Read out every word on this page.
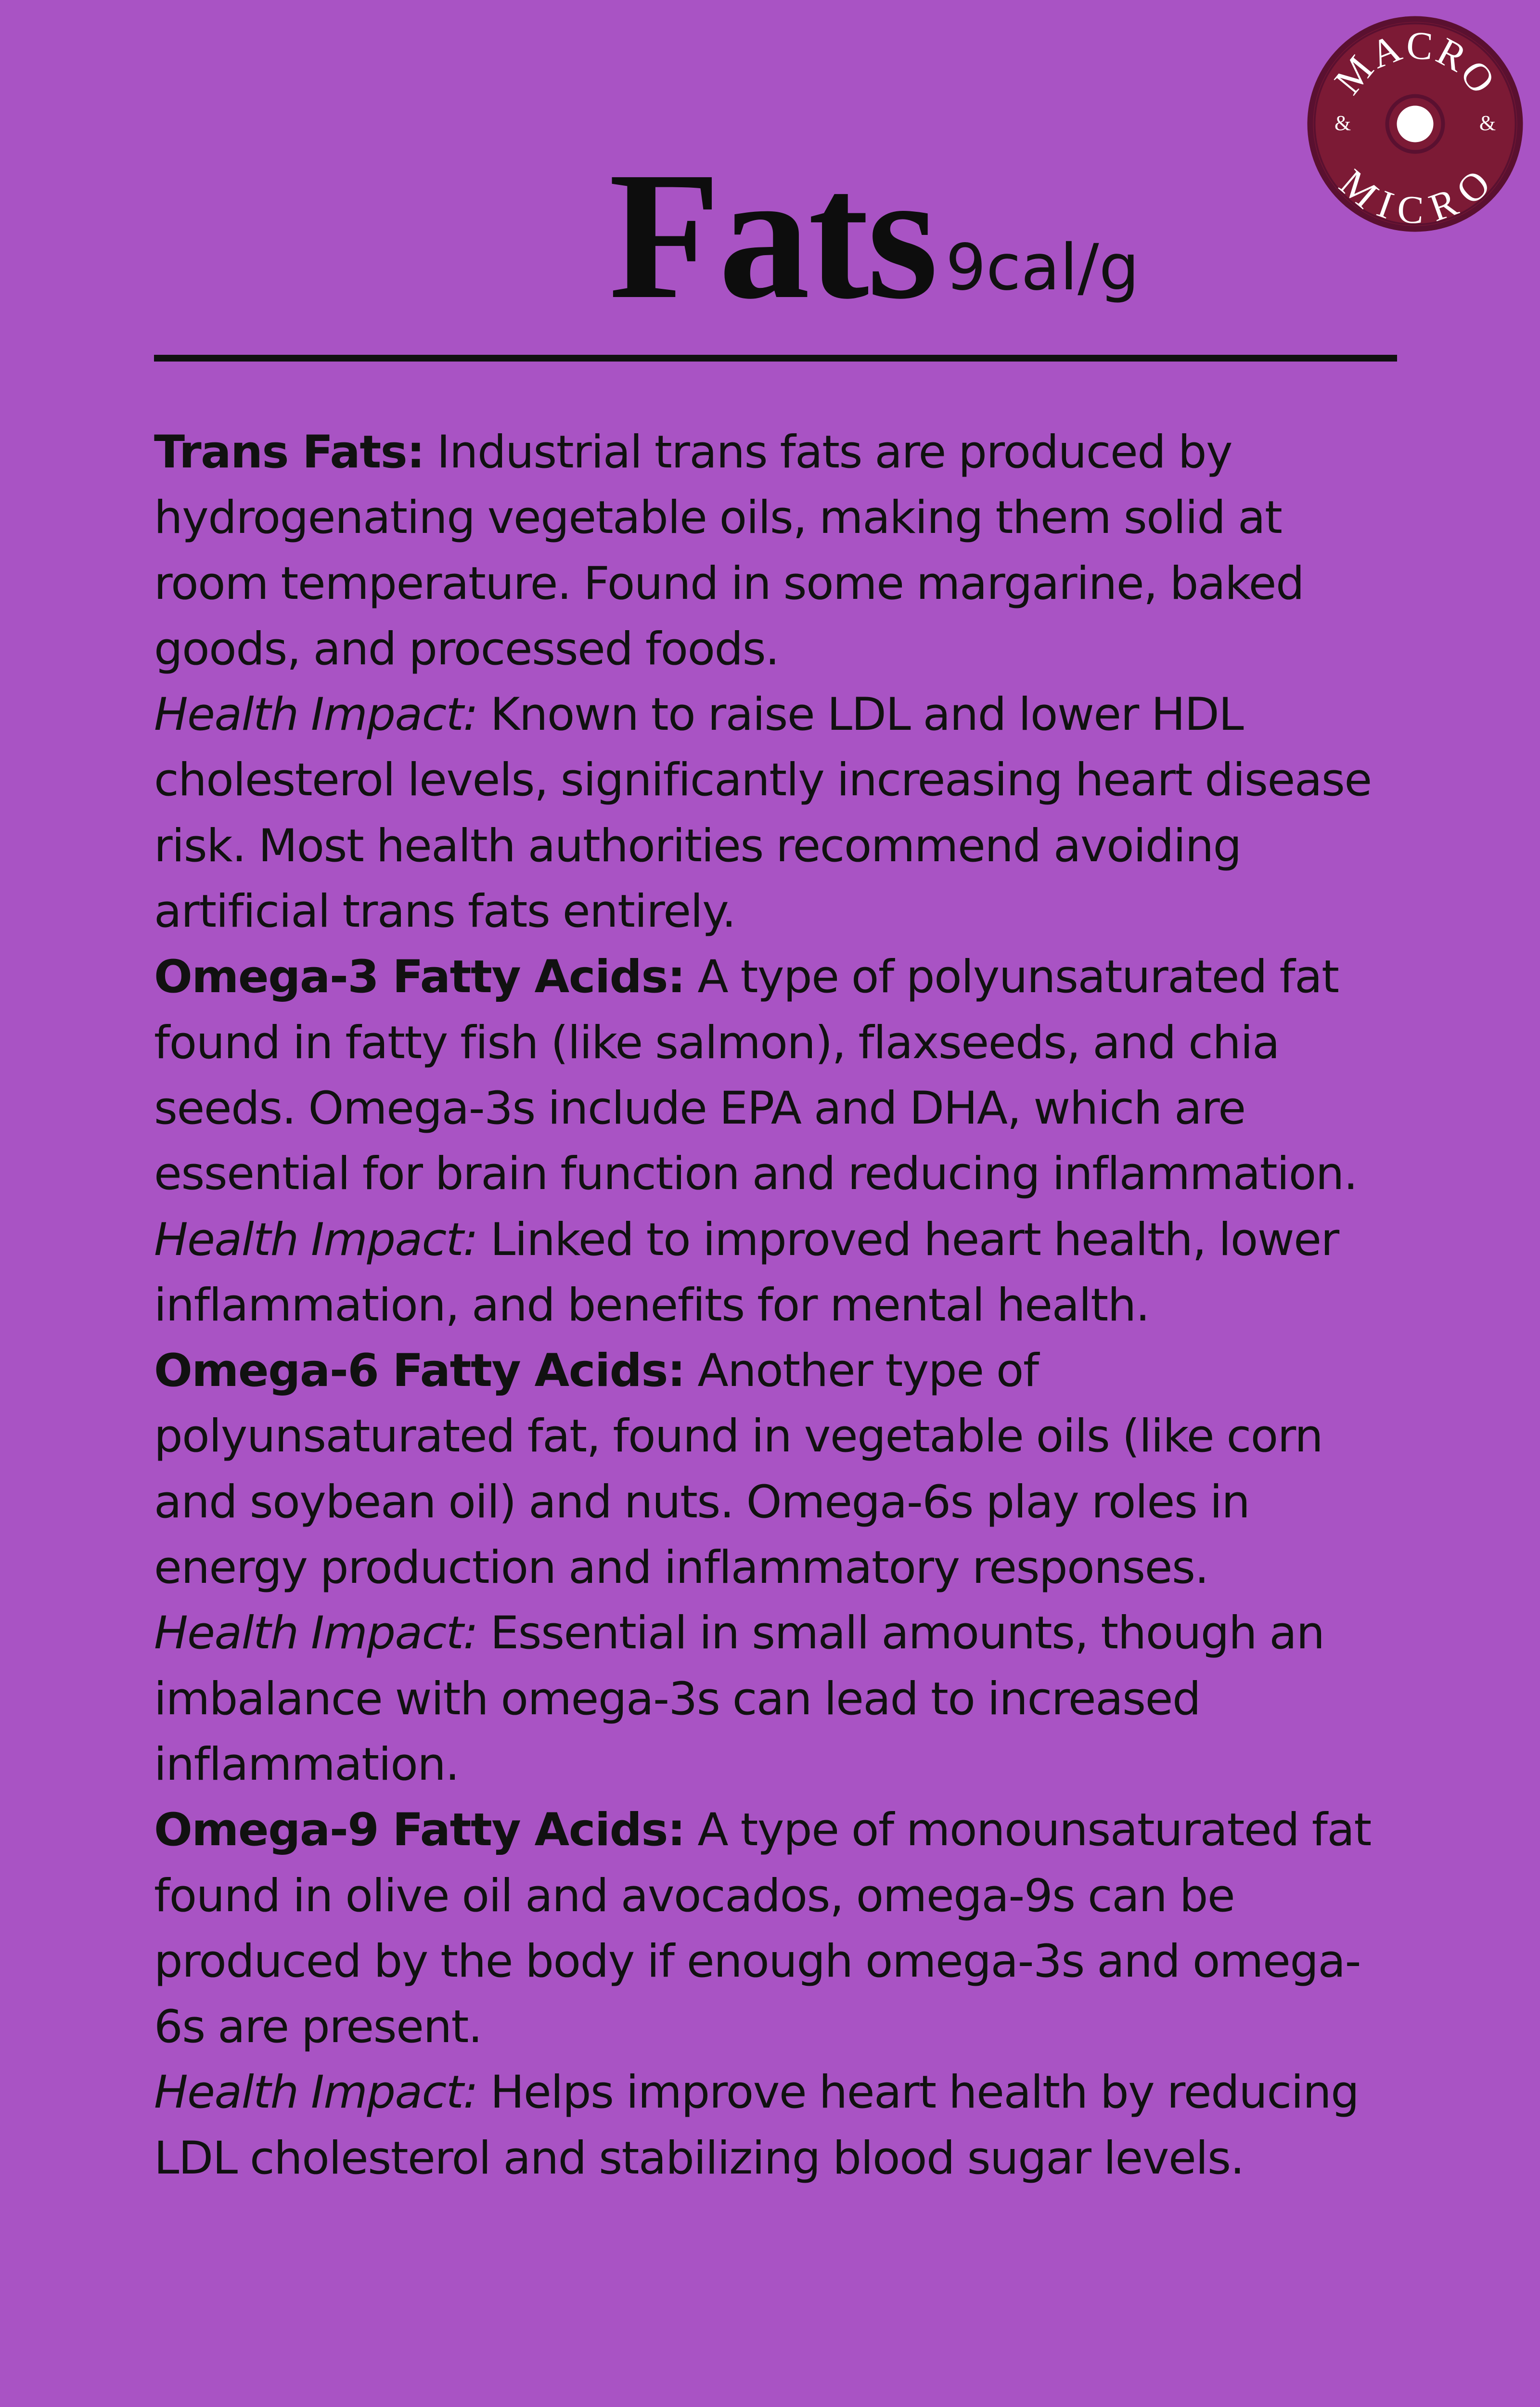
MACRO
MICRO
&	&
Fats 9cal/g

Trans Fats: Industrial trans fats are produced by hydrogenating vegetable oils, making them solid at room temperature. Found in some margarine, baked goods, and processed foods.

Health Impact: Known to raise LDL and lower HDL cholesterol levels, significantly increasing heart disease risk. Most health authorities recommend avoiding artificial trans fats entirely.

Omega-3 Fatty Acids: A type of polyunsaturated fat found in fatty fish (like salmon), flaxseeds, and chia seeds. Omega-3s include EPA and DHA, which are essential for brain function and reducing inflammation.

Health Impact: Linked to improved heart health, lower inflammation, and benefits for mental health.

Omega-6 Fatty Acids: Another type of polyunsaturated fat, found in vegetable oils (like corn and soybean oil) and nuts. Omega-6s play roles in energy production and inflammatory responses.

Health Impact: Essential in small amounts, though an imbalance with omega-3s can lead to increased inflammation.

Omega-9 Fatty Acids: A type of monounsaturated fat found in olive oil and avocados, omega-9s can be produced by the body if enough omega-3s and omega-6s are present.

Health Impact: Helps improve heart health by reducing LDL cholesterol and stabilizing blood sugar levels.
